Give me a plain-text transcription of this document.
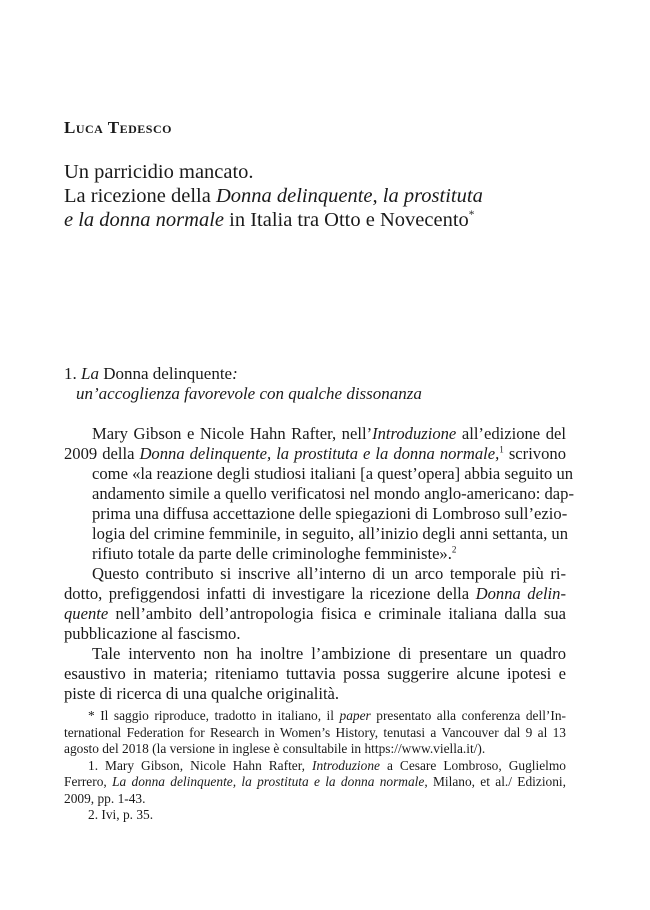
Luca Tedesco
Un parricidio mancato.
La ricezione della Donna delinquente, la prostituta
e la donna normale in Italia tra Otto e Novecento*
1. La Donna delinquente:
un’accoglienza favorevole con qualche dissonanza

Mary Gibson e Nicole Hahn Rafter, nell’Introduzione all’edizione del
2009 della Donna delinquente, la prostituta e la donna normale,$^1$ scrivono
come «la reazione degli studiosi italiani [a quest’opera] abbia seguito un
andamento simile a quello verificatosi nel mondo anglo-americano: dap-
prima una diffusa accettazione delle spiegazioni di Lombroso sull’ezio-
logia del crimine femminile, in seguito, all’inizio degli anni settanta, un
rifiuto totale da parte delle criminologhe femministe».$^2$

Questo contributo si inscrive all’interno di un arco temporale più ri-
dotto, prefiggendosi infatti di investigare la ricezione della Donna delin-
quente nell’ambito dell’antropologia fisica e criminale italiana dalla sua
pubblicazione al fascismo.

Tale intervento non ha inoltre l’ambizione di presentare un quadro
esaustivo in materia; riteniamo tuttavia possa suggerire alcune ipotesi e
piste di ricerca di una qualche originalità.

* Il saggio riproduce, tradotto in italiano, il paper presentato alla conferenza dell’In-
ternational Federation for Research in Women’s History, tenutasi a Vancouver dal 9 al 13
agosto del 2018 (la versione in inglese è consultabile in https://www.viella.it/).
1. Mary Gibson, Nicole Hahn Rafter, Introduzione a Cesare Lombroso, Guglielmo
Ferrero, La donna delinquente, la prostituta e la donna normale, Milano, et al./ Edizioni,
2009, pp. 1-43.
2. Ivi, p. 35.
